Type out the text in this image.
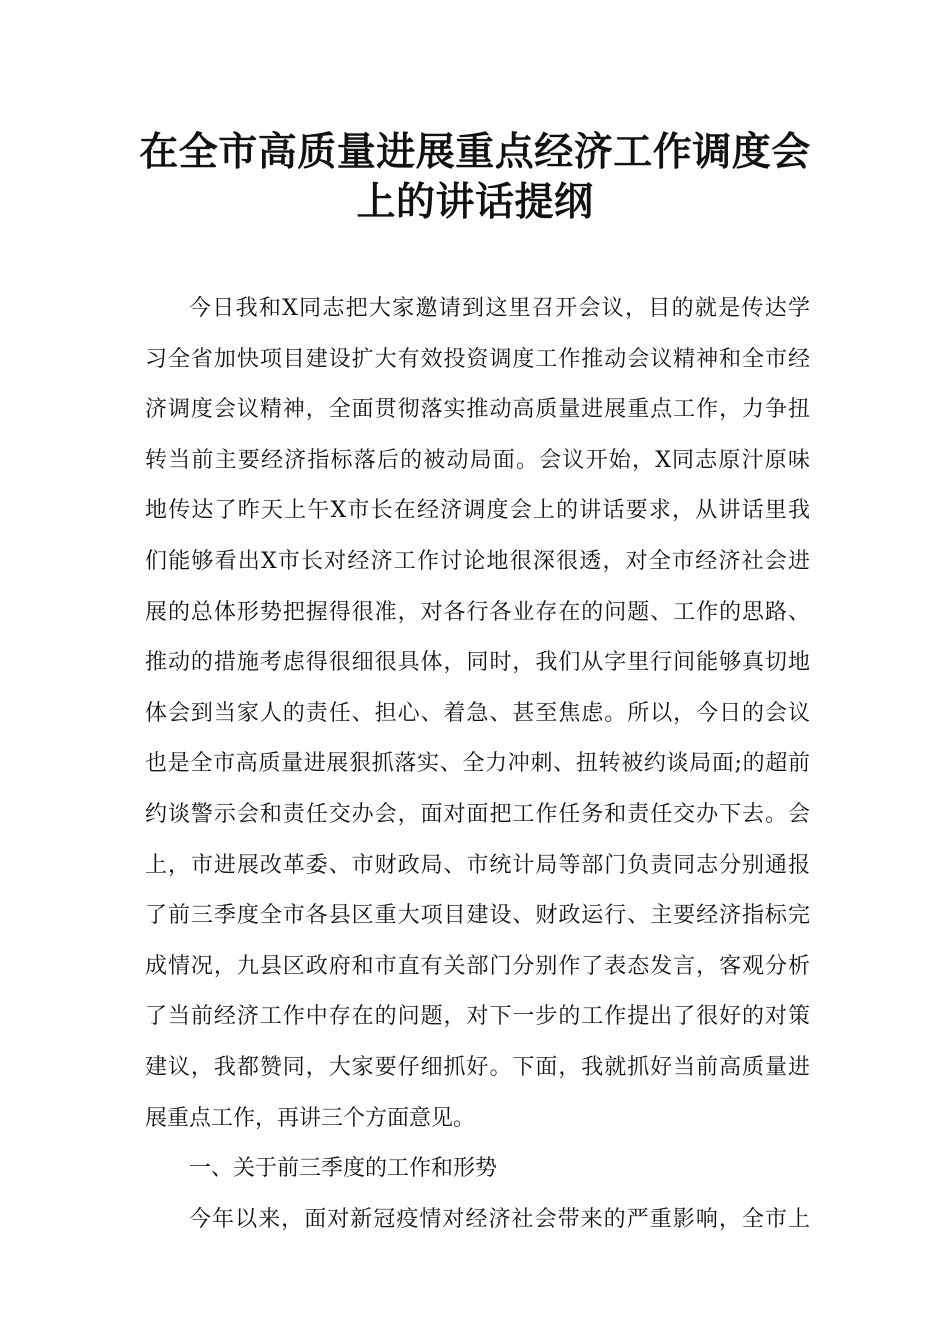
在全市高质量进展重点经济工作调度会
上的讲话提纲
今日我和X同志把大家邀请到这里召开会议，目的就是传达学
习全省加快项目建设扩大有效投资调度工作推动会议精神和全市经
济调度会议精神，全面贯彻落实推动高质量进展重点工作，力争扭
转当前主要经济指标落后的被动局面。会议开始，X同志原汁原味
地传达了昨天上午X市长在经济调度会上的讲话要求，从讲话里我
们能够看出X市长对经济工作讨论地很深很透，对全市经济社会进
展的总体形势把握得很准，对各行各业存在的问题、工作的思路、
推动的措施考虑得很细很具体，同时，我们从字里行间能够真切地
体会到当家人的责任、担心、着急、甚至焦虑。所以，今日的会议
也是全市高质量进展狠抓落实、全力冲刺、扭转被约谈局面;的超前
约谈警示会和责任交办会，面对面把工作任务和责任交办下去。会
上，市进展改革委、市财政局、市统计局等部门负责同志分别通报
了前三季度全市各县区重大项目建设、财政运行、主要经济指标完
成情况，九县区政府和市直有关部门分别作了表态发言，客观分析
了当前经济工作中存在的问题，对下一步的工作提出了很好的对策
建议，我都赞同，大家要仔细抓好。下面，我就抓好当前高质量进
展重点工作，再讲三个方面意见。
一、关于前三季度的工作和形势
今年以来，面对新冠疫情对经济社会带来的严重影响，全市上
